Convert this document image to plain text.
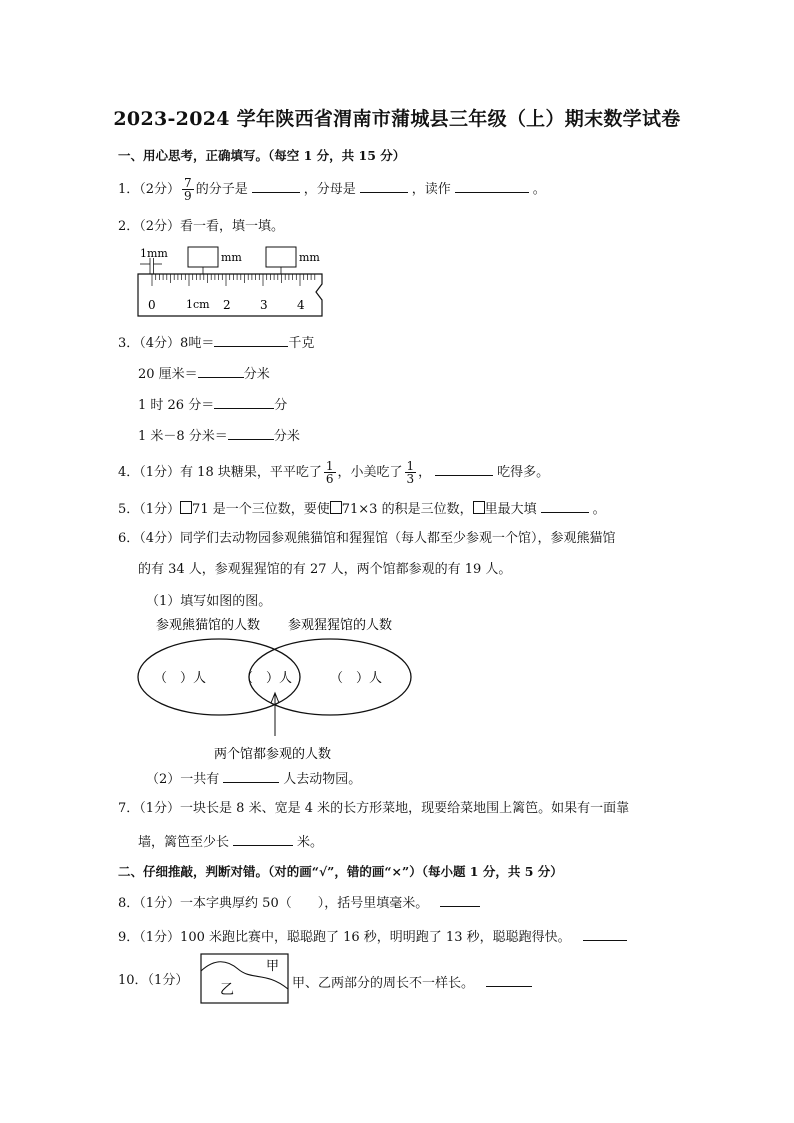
2023-2024 学年陕西省渭南市蒲城县三年级（上）期末数学试卷
一、用心思考，正确填写。（每空 1 分，共 15 分）
1．（2分） $\frac{7}{9}$ 的分子是	，分母是	，读作	。
2．（2分）看一看，填一填。
1mm	mm	mm
0	1cm 2 3 4
3．（4分）8吨＝	千克
20 厘米＝	分米
1 时 26 分＝	分
1 米－8 分米＝	分米
4．（1分）有 18 块糖果，平平吃了 $\frac{1}{6}$ ，小美吃了 $\frac{1}{3}$ ，	吃得多。
5．（1分） 71 是一个三位数，要使 71×3 的积是三位数， 里最大填	。
6．（4分）同学们去动物园参观熊猫馆和猩猩馆（每人都至少参观一个馆），参观熊猫馆
的有 34 人，参观猩猩馆的有 27 人，两个馆都参观的有 19 人。
（1）填写如图的图。
参观熊猫馆的人数 参观猩猩馆的人数
（　）人	（　）人	（　）人
两个馆都参观的人数
（2）一共有	人去动物园。
7．（1分）一块长是 8 米、宽是 4 米的长方形菜地，现要给菜地围上篱笆。如果有一面靠
墙，篱笆至少长	米。
二、仔细推敲，判断对错。（对的画“√”，错的画“×”）（每小题 1 分，共 5 分）
8．（1分）一本字典厚约 50（　　），括号里填毫米。
9．（1分）100 米跑比赛中，聪聪跑了 16 秒，明明跑了 13 秒，聪聪跑得快。
10．（1分）
甲
乙	甲、乙两部分的周长不一样长。
